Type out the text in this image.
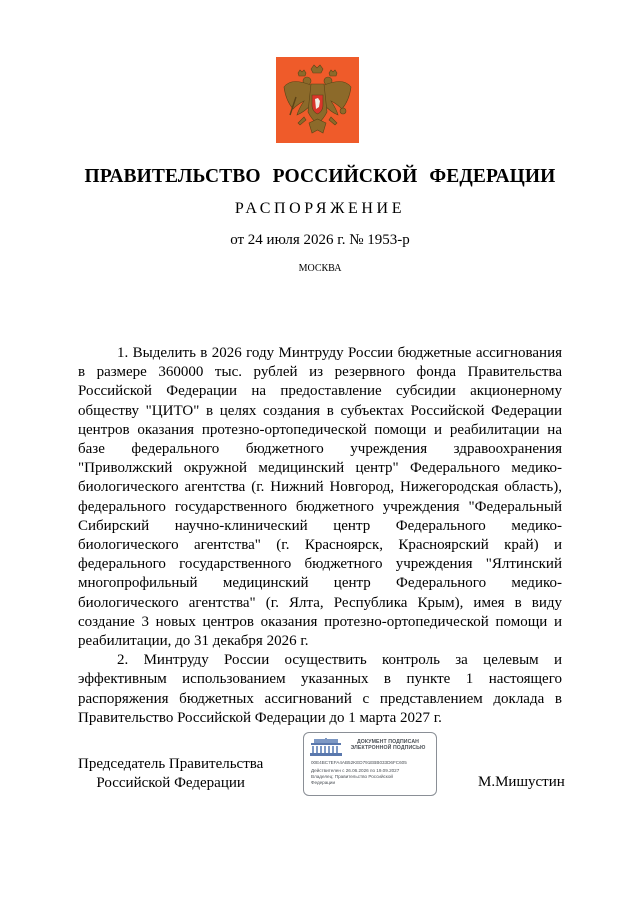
ПРАВИТЕЛЬСТВО РОССИЙСКОЙ ФЕДЕРАЦИИ
РАСПОРЯЖЕНИЕ
от 24 июля 2026 г. № 1953-р
МОСКВА

1. Выделить в 2026 году Минтруду России бюджетные ассигнования в размере 360000 тыс. рублей из резервного фонда Правительства Российской Федерации на предоставление субсидии акционерному обществу "ЦИТО" в целях создания в субъектах Российской Федерации центров оказания протезно-ортопедической помощи и реабилитации на базе федерального бюджетного учреждения здравоохранения "Приволжский окружной медицинский центр" Федерального медико-биологического агентства (г. Нижний Новгород, Нижегородская область), федерального государственного бюджетного учреждения "Федеральный Сибирский научно-клинический центр Федерального медико-биологического агентства" (г. Красноярск, Красноярский край) и федерального государственного бюджетного учреждения "Ялтинский многопрофильный медицинский центр Федерального медико-биологического агентства" (г. Ялта, Республика Крым), имея в виду создание 3 новых центров оказания протезно-ортопедической помощи и реабилитации, до 31 декабря 2026 г.

2. Минтруду России осуществить контроль за целевым и эффективным использованием указанных в пункте 1 настоящего распоряжения бюджетных ассигнований с представлением доклада в Правительство Российской Федерации до 1 марта 2027 г.

Председатель Правительства
Российской Федерации
ДОКУМЕНТ ПОДПИСАН
ЭЛЕКТРОННОЙ ПОДПИСЬЮ
00E4BC7EFA4AB52KED791EBB033D6FC605
Действителен с 26.06.2026 по 19.09.2027
Владелец: Правительство Российской
Федерации	М.Мишустин
